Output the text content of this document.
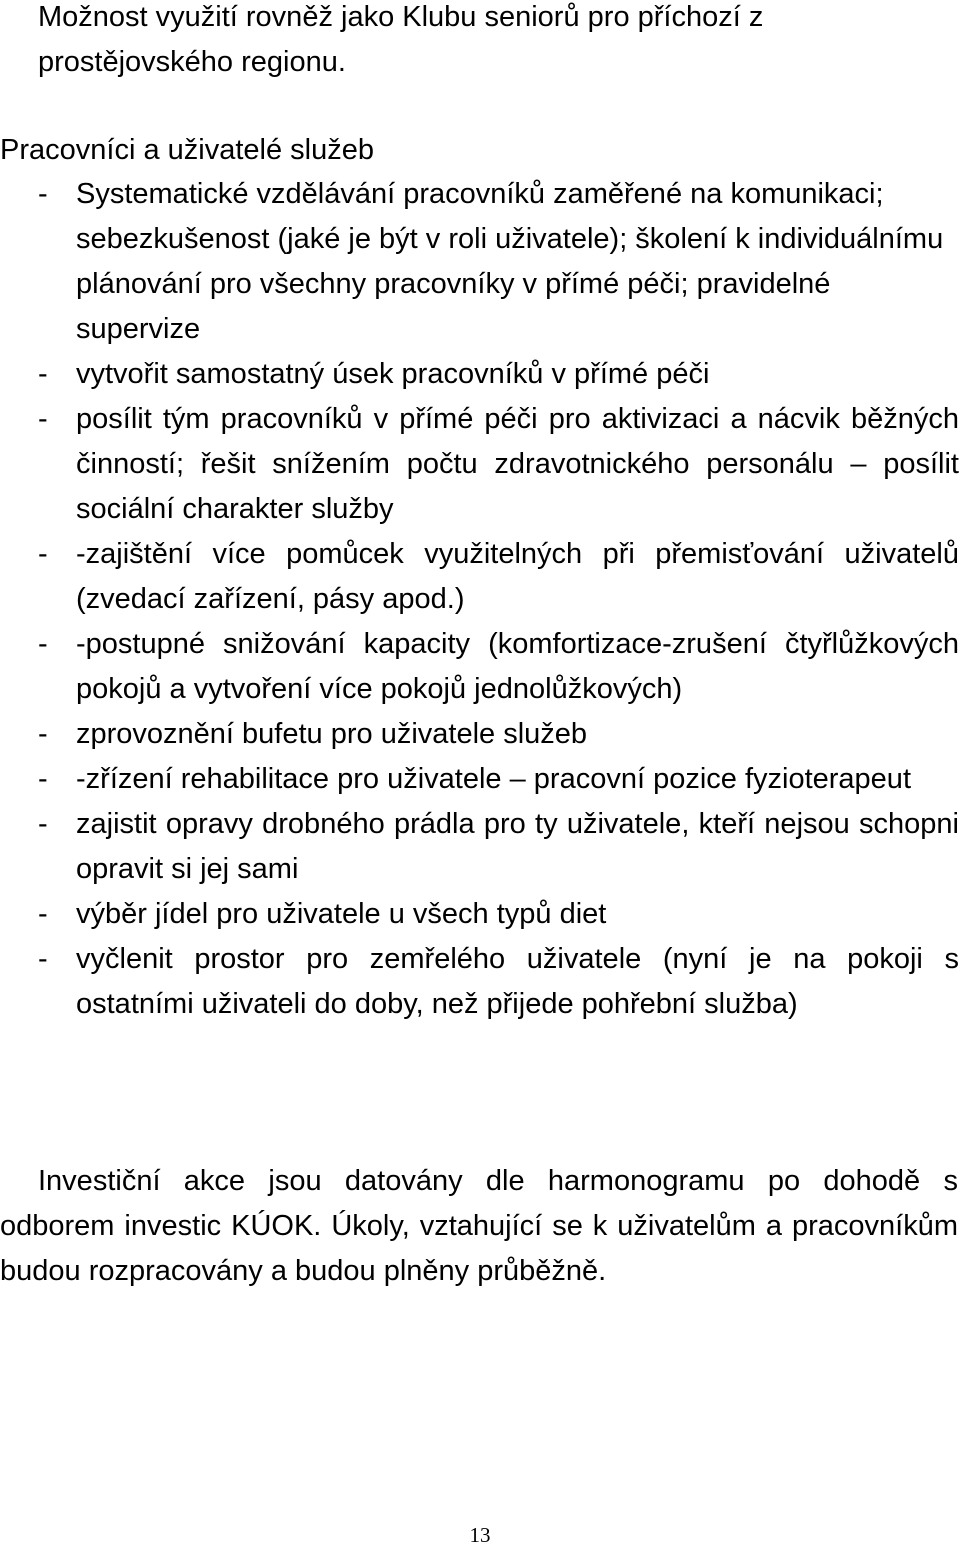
Možnost využití rovněž jako Klubu seniorů pro příchozí z prostějovského regionu.

Pracovníci a uživatelé služeb

- Systematické vzdělávání pracovníků zaměřené na komunikaci; sebezkušenost (jaké je být v roli uživatele); školení k individuálnímu plánování pro všechny pracovníky v přímé péči; pravidelné supervize
- vytvořit samostatný úsek pracovníků v přímé péči
- posílit tým pracovníků v přímé péči pro aktivizaci a nácvik běžných činností; řešit snížením počtu zdravotnického personálu – posílit sociální charakter služby
- -zajištění více pomůcek využitelných při přemisťování uživatelů (zvedací zařízení, pásy apod.)
- -postupné snižování kapacity (komfortizace-zrušení čtyřlůžkových pokojů a vytvoření více pokojů jednolůžkových)
- zprovoznění bufetu pro uživatele služeb
- -zřízení rehabilitace pro uživatele – pracovní pozice fyzioterapeut
- zajistit opravy drobného prádla pro ty uživatele, kteří nejsou schopni opravit si jej sami
- výběr jídel pro uživatele u všech typů diet
- vyčlenit prostor pro zemřelého uživatele (nyní je na pokoji s ostatními uživateli do doby, než přijede pohřební služba)

Investiční akce jsou datovány dle harmonogramu po dohodě s odborem investic KÚOK. Úkoly, vztahující se k uživatelům a pracovníkům budou rozpracovány a budou plněny průběžně.

13
